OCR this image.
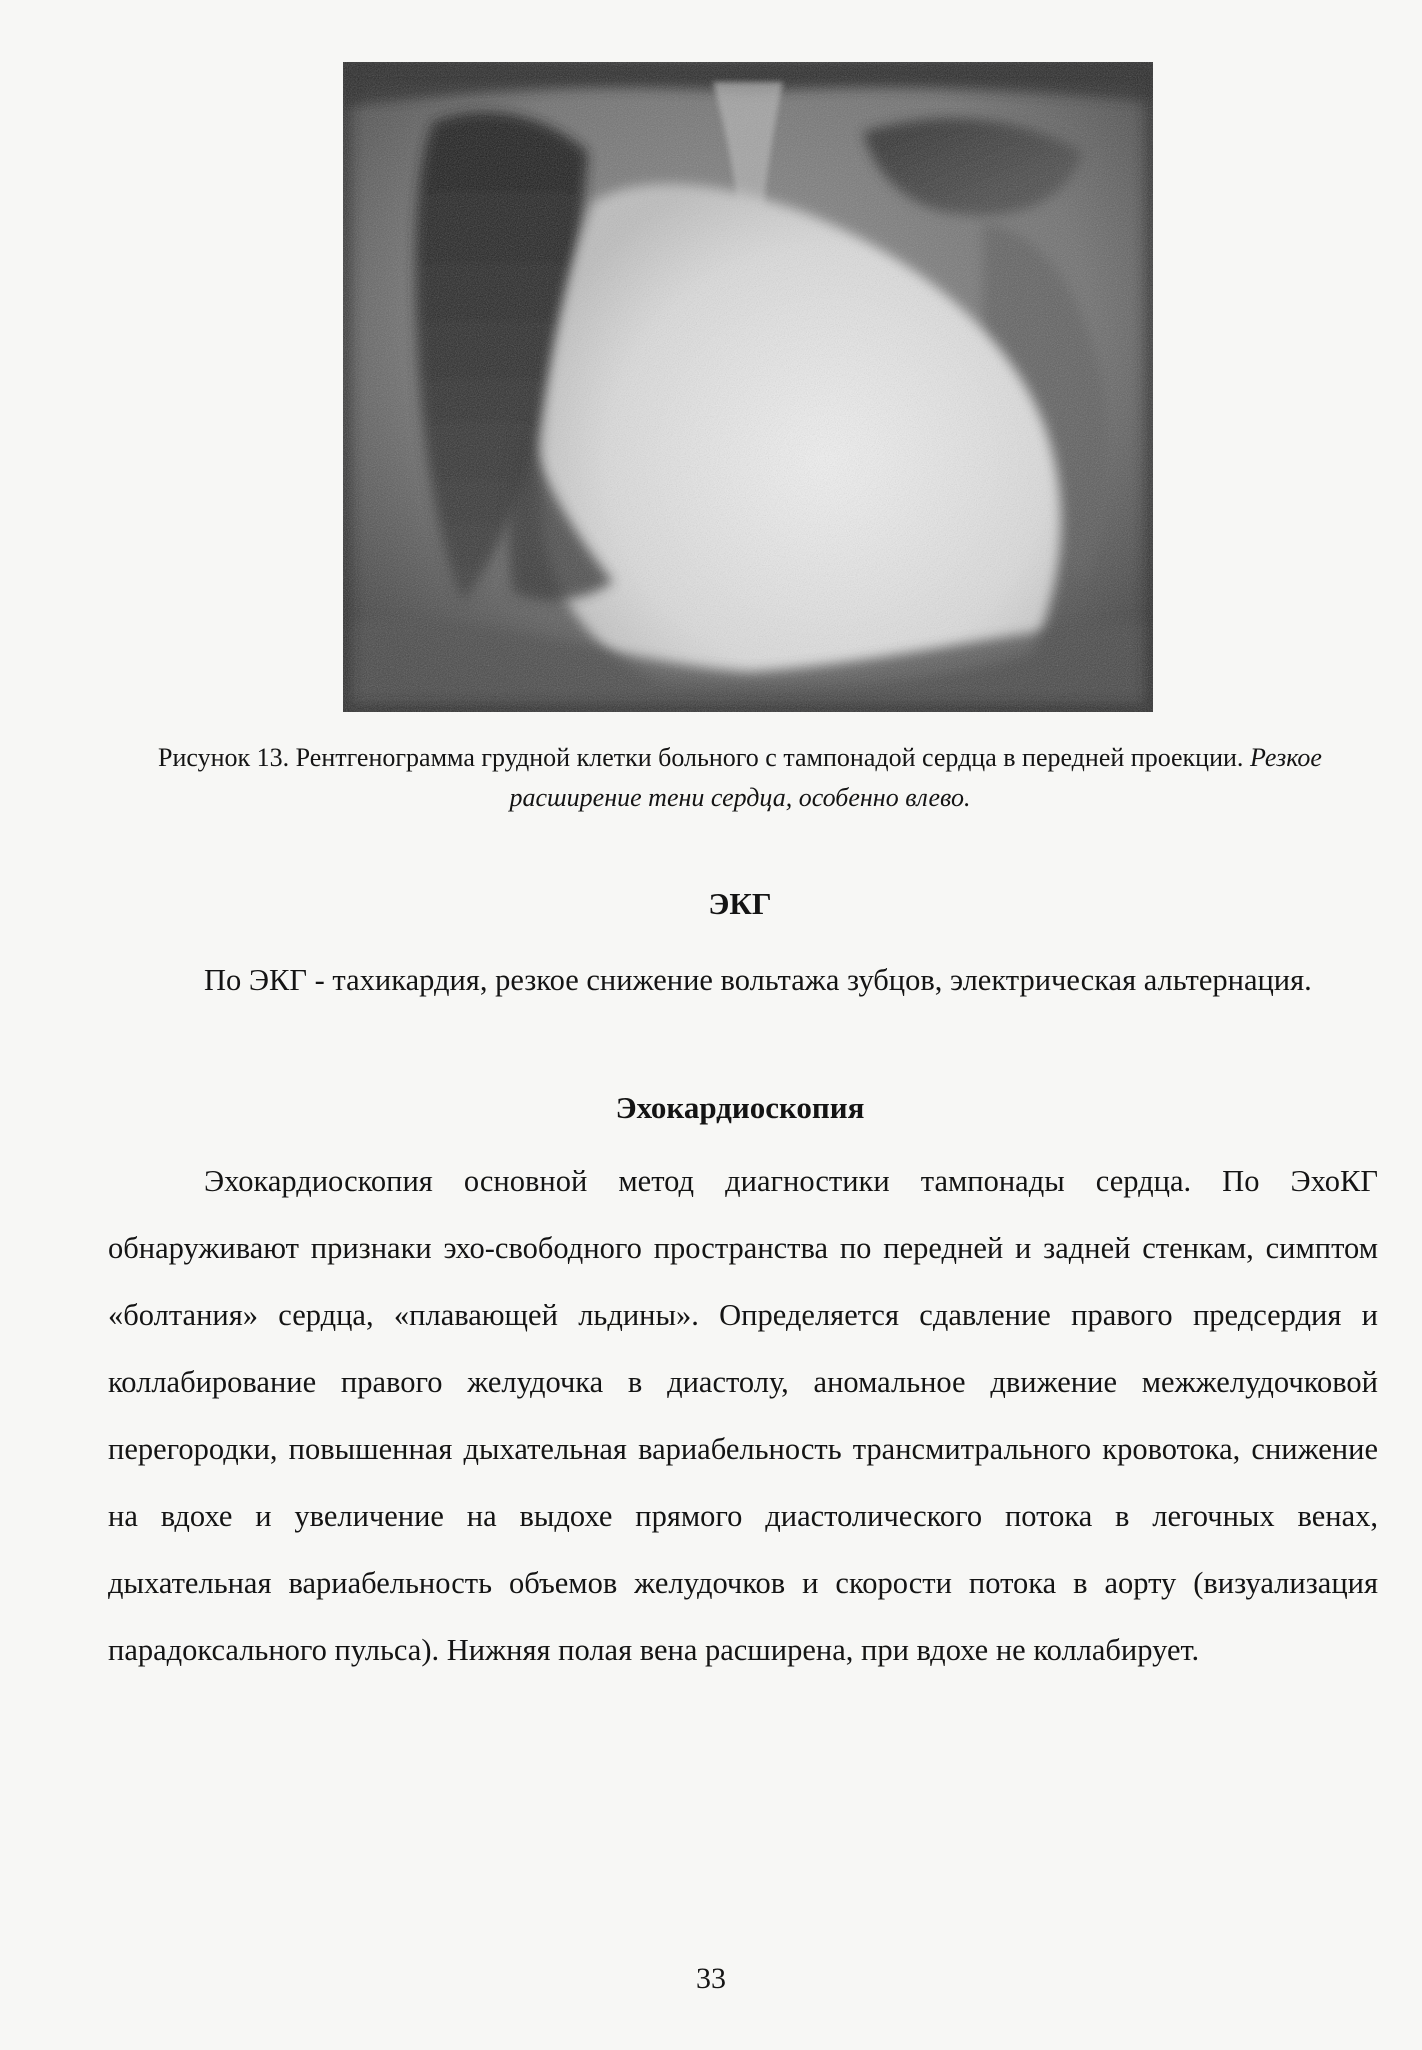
Рисунок 13. Рентгенограмма грудной клетки больного с тампонадой сердца в передней проекции. Резкое расширение тени сердца, особенно влево.
ЭКГ
По ЭКГ - тахикардия, резкое снижение вольтажа зубцов, электрическая альтернация.
Эхокардиоскопия
Эхокардиоскопия основной метод диагностики тампонады сердца. По ЭхоКГ обнаруживают признаки эхо-свободного пространства по передней и задней стенкам, симптом «болтания» сердца, «плавающей льдины». Определяется сдавление правого предсердия и коллабирование правого желудочка в диастолу, аномальное движение межжелудочковой перегородки, повышенная дыхательная вариабельность трансмитрального кровотока, снижение на вдохе и увеличение на выдохе прямого диастолического потока в легочных венах, дыхательная вариабельность объемов желудочков и скорости потока в аорту (визуализация парадоксального пульса). Нижняя полая вена расширена, при вдохе не коллабирует.
33
